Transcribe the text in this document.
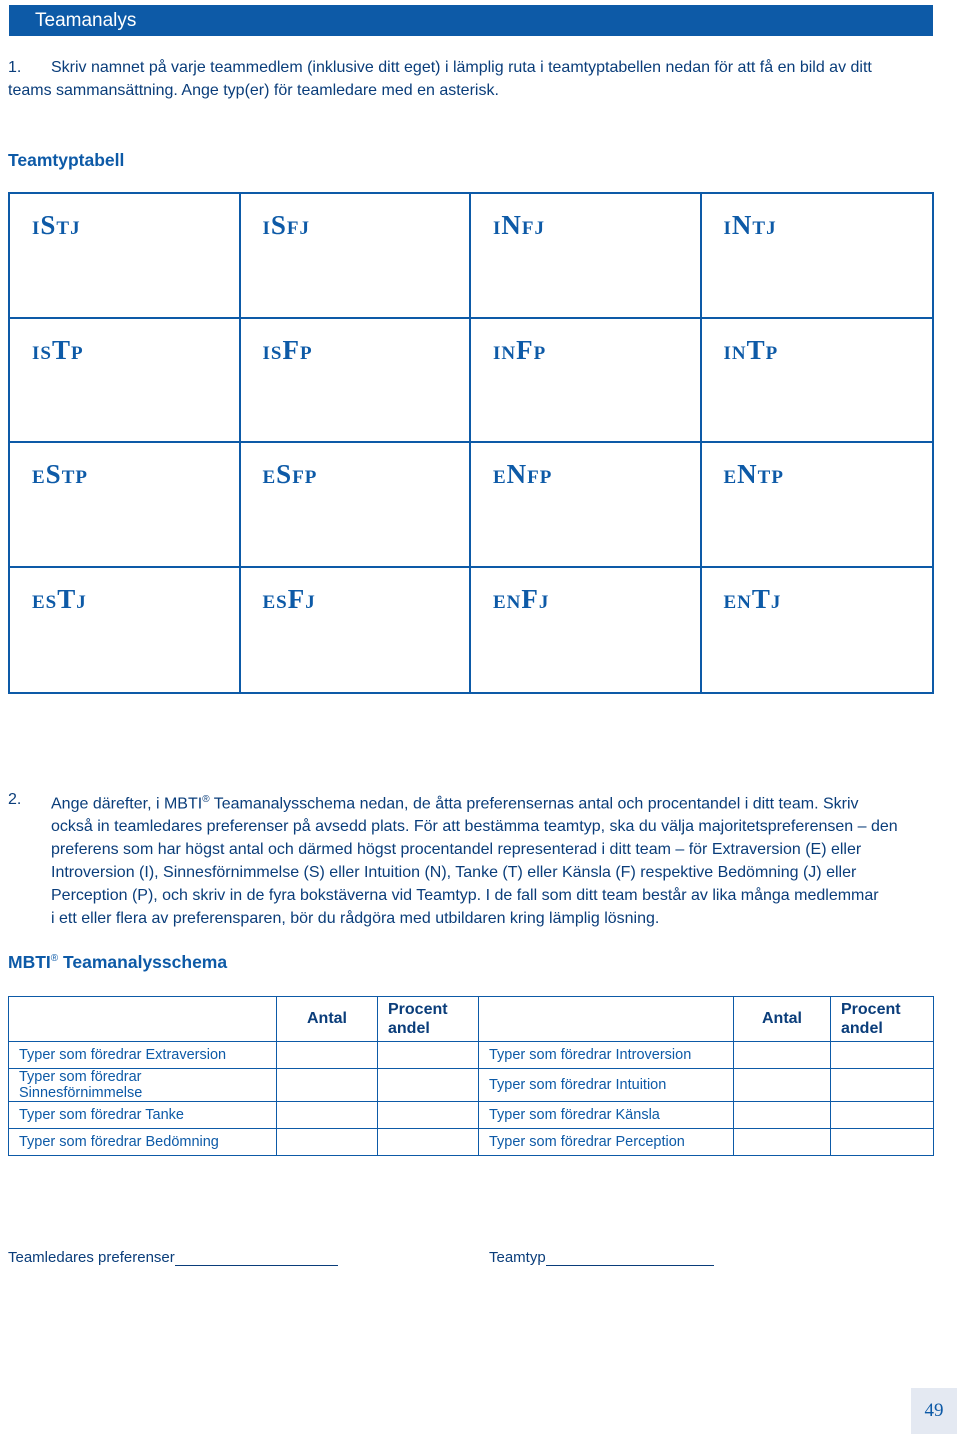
Teamanalys
1. Skriv namnet på varje teammedlem (inklusive ditt eget) i lämplig ruta i teamtyptabellen nedan för att få en bild av ditt
teams sammansättning. Ange typ(er) för teamledare med en asterisk.
Teamtyptabell
iStj	iSfj	iNfj	iNtj
isTp	isFp	inFp	inTp
eStp	eSfp	eNfp	eNtp
esTj	esFj	enFj	enTj
2. Ange därefter, i MBTI® Teamanalysschema nedan, de åtta preferensernas antal och procentandel i ditt team. Skriv
också in teamledares preferenser på avsedd plats. För att bestämma teamtyp, ska du välja majoritetspreferensen – den
preferens som har högst antal och därmed högst procentandel representerad i ditt team – för Extraversion (E) eller
Introversion (I), Sinnesförnimmelse (S) eller Intuition (N), Tanke (T) eller Känsla (F) respektive Bedömning (J) eller
Perception (P), och skriv in de fyra bokstäverna vid Teamtyp. I de fall som ditt team består av lika många medlemmar
i ett eller flera av preferensparen, bör du rådgöra med utbildaren kring lämplig lösning.
MBTI® Teamanalysschema
	Antal	Procent
andel		Antal	Procent
andel
Typer som föredrar Extraversion			Typer som föredrar Introversion		
Typer som föredrar Sinnesförnimmelse			Typer som föredrar Intuition		
Typer som föredrar Tanke			Typer som föredrar Känsla		
Typer som föredrar Bedömning			Typer som föredrar Perception		
Teamledares preferenser	Teamtyp
49
